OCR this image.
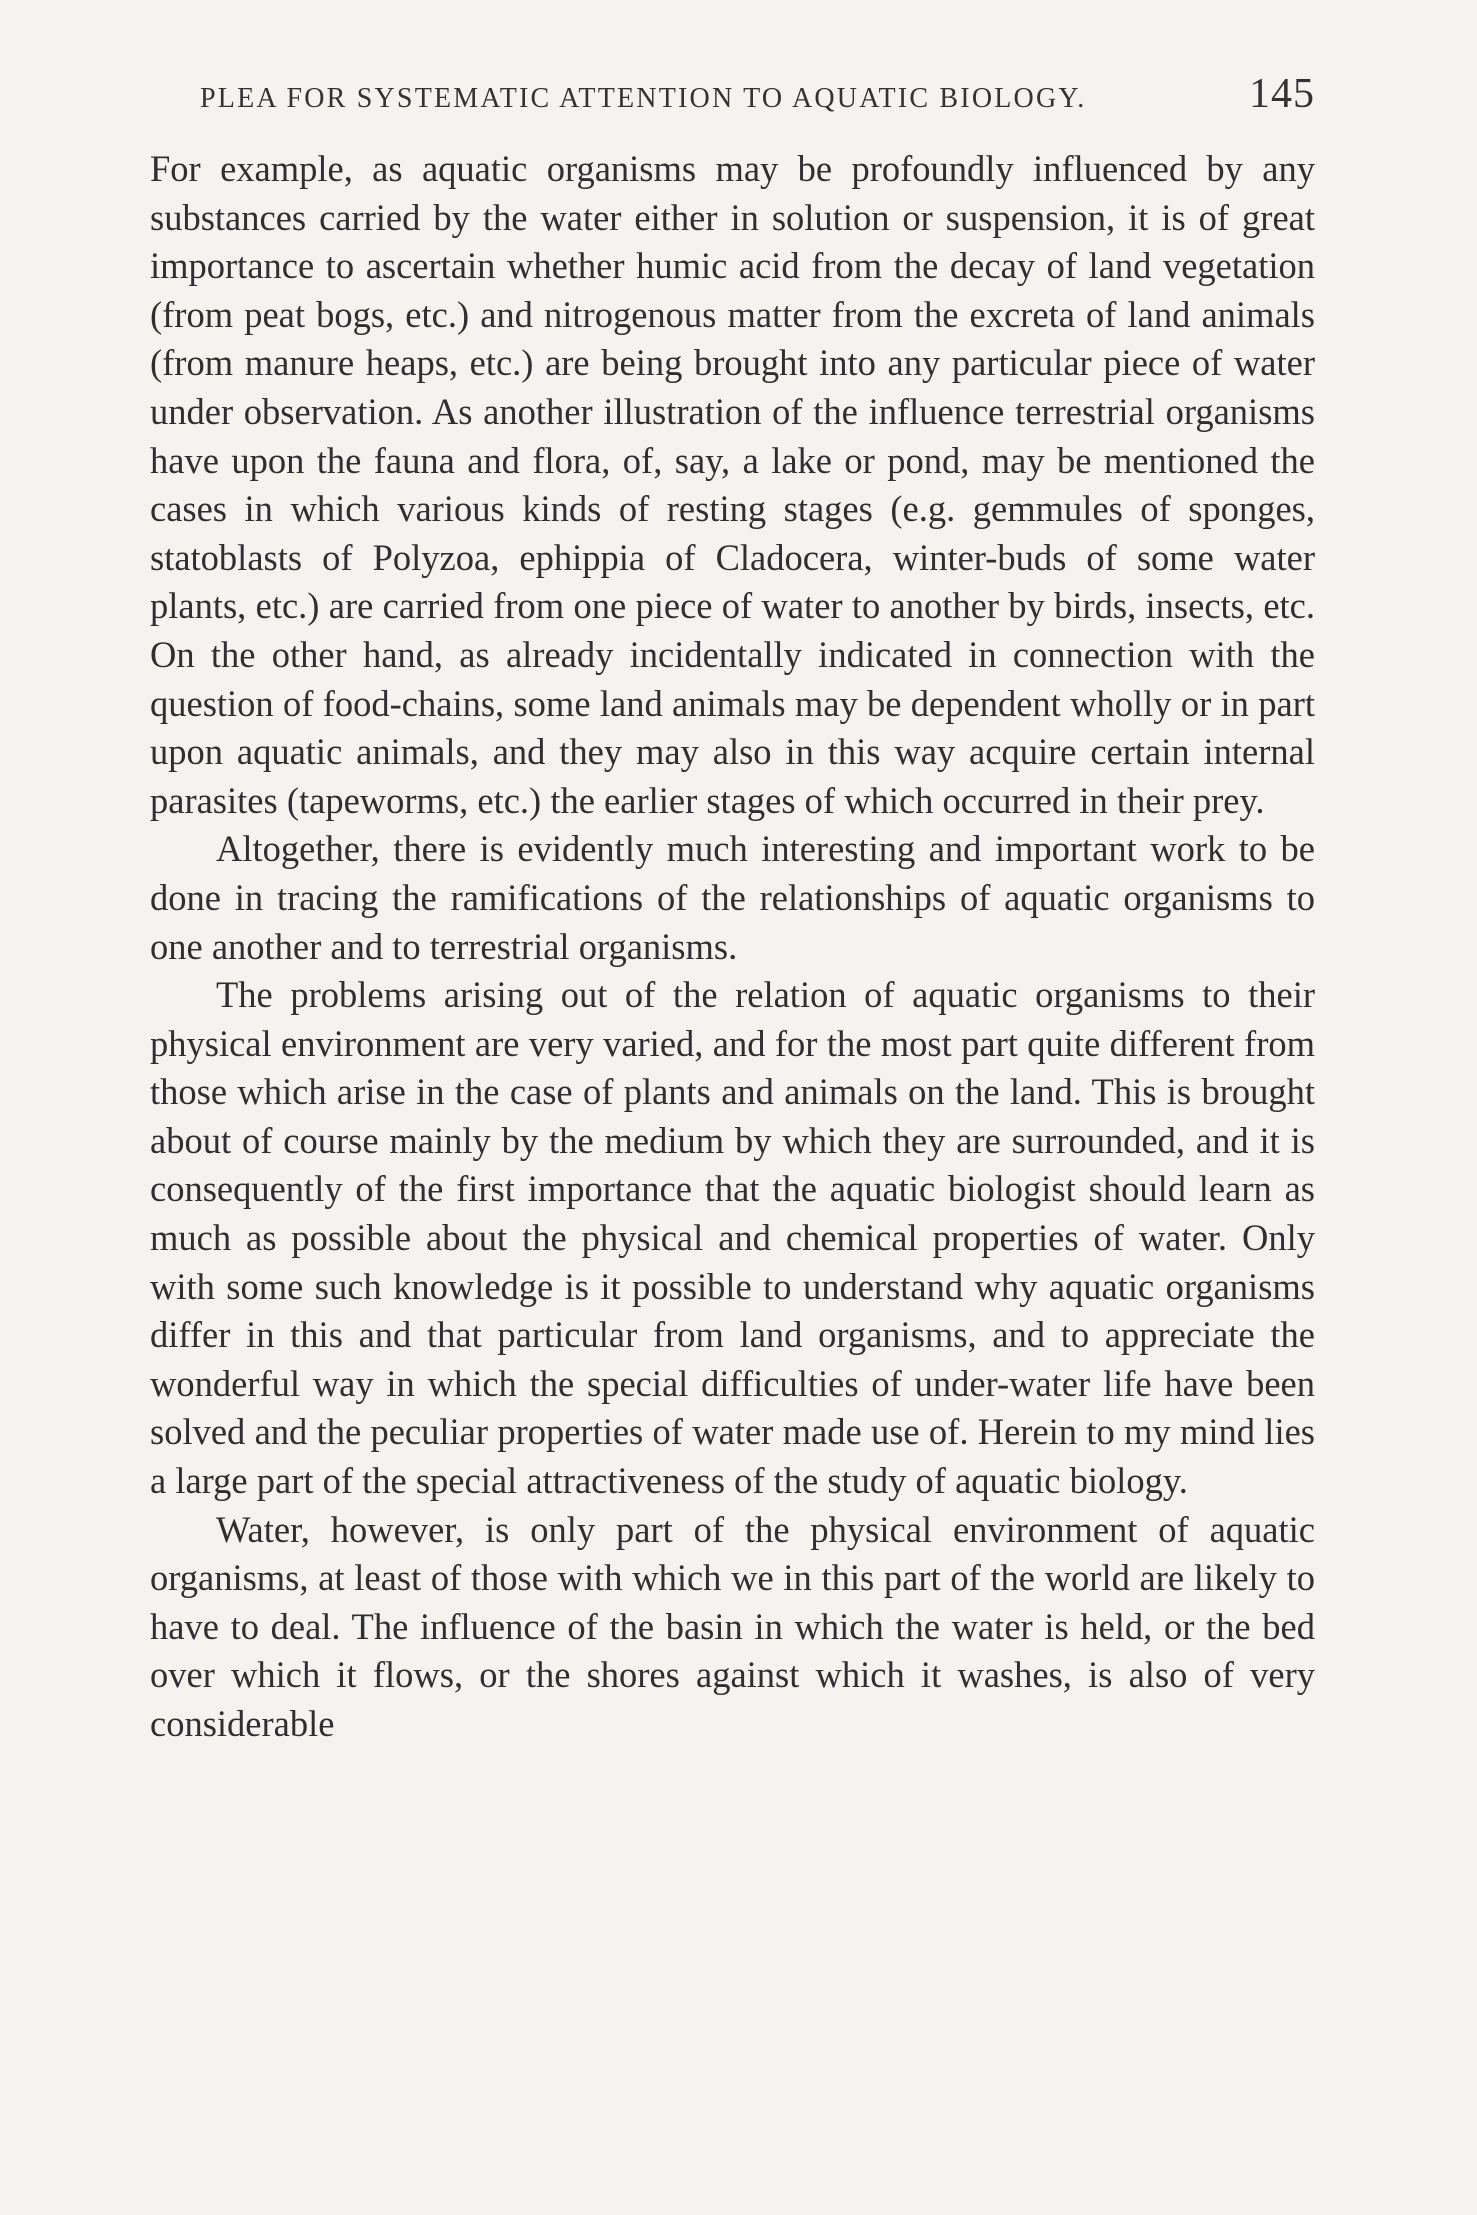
PLEA FOR SYSTEMATIC ATTENTION TO AQUATIC BIOLOGY.	145

For example, as aquatic organisms may be profoundly influenced by any substances carried by the water either in solution or suspension, it is of great importance to ascertain whether humic acid from the decay of land vegetation (from peat bogs, etc.) and nitrogenous matter from the excreta of land animals (from manure heaps, etc.) are being brought into any particular piece of water under observation. As another illustration of the influence terrestrial organisms have upon the fauna and flora, of, say, a lake or pond, may be mentioned the cases in which various kinds of resting stages (e.g. gemmules of sponges, statoblasts of Polyzoa, ephippia of Cladocera, winter-buds of some water plants, etc.) are carried from one piece of water to another by birds, insects, etc. On the other hand, as already incidentally indicated in connection with the question of food-chains, some land animals may be dependent wholly or in part upon aquatic animals, and they may also in this way acquire certain internal parasites (tapeworms, etc.) the earlier stages of which occurred in their prey.

Altogether, there is evidently much interesting and important work to be done in tracing the ramifications of the relationships of aquatic organisms to one another and to terrestrial organisms.

The problems arising out of the relation of aquatic organisms to their physical environment are very varied, and for the most part quite different from those which arise in the case of plants and animals on the land. This is brought about of course mainly by the medium by which they are surrounded, and it is consequently of the first importance that the aquatic biologist should learn as much as possible about the physical and chemical properties of water. Only with some such knowledge is it possible to understand why aquatic organisms differ in this and that particular from land organisms, and to appreciate the wonderful way in which the special difficulties of under-water life have been solved and the peculiar properties of water made use of. Herein to my mind lies a large part of the special attractiveness of the study of aquatic biology.

Water, however, is only part of the physical environment of aquatic organisms, at least of those with which we in this part of the world are likely to have to deal. The influence of the basin in which the water is held, or the bed over which it flows, or the shores against which it washes, is also of very considerable
